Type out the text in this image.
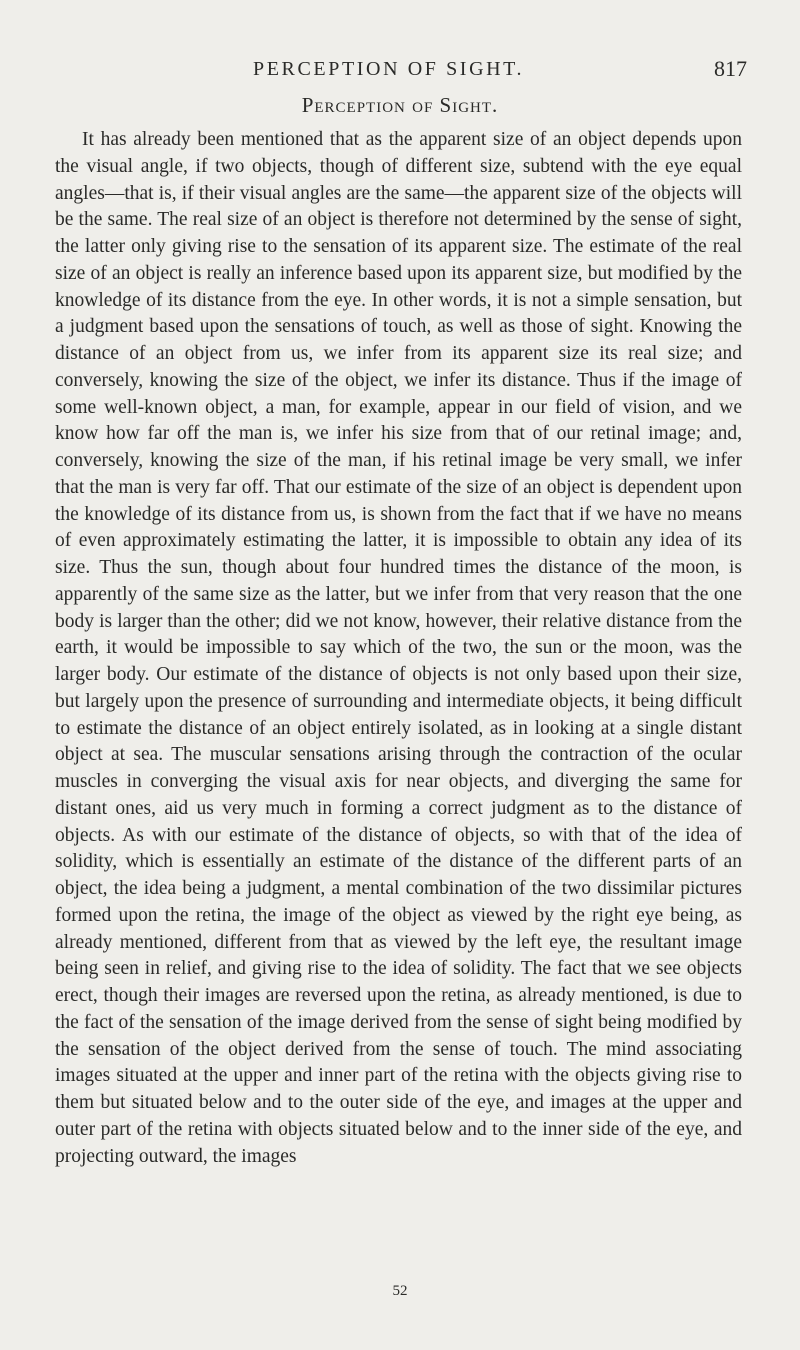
PERCEPTION OF SIGHT.	817
Perception of Sight.

It has already been mentioned that as the apparent size of an object depends upon the visual angle, if two objects, though of different size, subtend with the eye equal angles—that is, if their visual angles are the same—the apparent size of the objects will be the same. The real size of an object is therefore not determined by the sense of sight, the latter only giving rise to the sensation of its apparent size. The estimate of the real size of an object is really an inference based upon its apparent size, but modified by the knowledge of its distance from the eye. In other words, it is not a simple sensation, but a judgment based upon the sensations of touch, as well as those of sight. Knowing the distance of an object from us, we infer from its apparent size its real size; and conversely, knowing the size of the object, we infer its distance. Thus if the image of some well-known object, a man, for example, appear in our field of vision, and we know how far off the man is, we infer his size from that of our retinal image; and, conversely, knowing the size of the man, if his retinal image be very small, we infer that the man is very far off. That our estimate of the size of an object is dependent upon the knowledge of its distance from us, is shown from the fact that if we have no means of even approximately estimating the latter, it is impossible to obtain any idea of its size. Thus the sun, though about four hundred times the distance of the moon, is apparently of the same size as the latter, but we infer from that very reason that the one body is larger than the other; did we not know, however, their relative distance from the earth, it would be impossible to say which of the two, the sun or the moon, was the larger body. Our estimate of the distance of objects is not only based upon their size, but largely upon the presence of surrounding and intermediate objects, it being difficult to estimate the distance of an object entirely isolated, as in looking at a single distant object at sea. The muscular sensations arising through the contraction of the ocular muscles in converging the visual axis for near objects, and diverging the same for distant ones, aid us very much in forming a correct judgment as to the distance of objects. As with our estimate of the distance of objects, so with that of the idea of solidity, which is essentially an estimate of the distance of the different parts of an object, the idea being a judgment, a mental combination of the two dissimilar pictures formed upon the retina, the image of the object as viewed by the right eye being, as already mentioned, different from that as viewed by the left eye, the resultant image being seen in relief, and giving rise to the idea of solidity. The fact that we see objects erect, though their images are reversed upon the retina, as already mentioned, is due to the fact of the sensation of the image derived from the sense of sight being modified by the sensation of the object derived from the sense of touch. The mind associating images situated at the upper and inner part of the retina with the objects giving rise to them but situated below and to the outer side of the eye, and images at the upper and outer part of the retina with objects situated below and to the inner side of the eye, and projecting outward, the images

52
